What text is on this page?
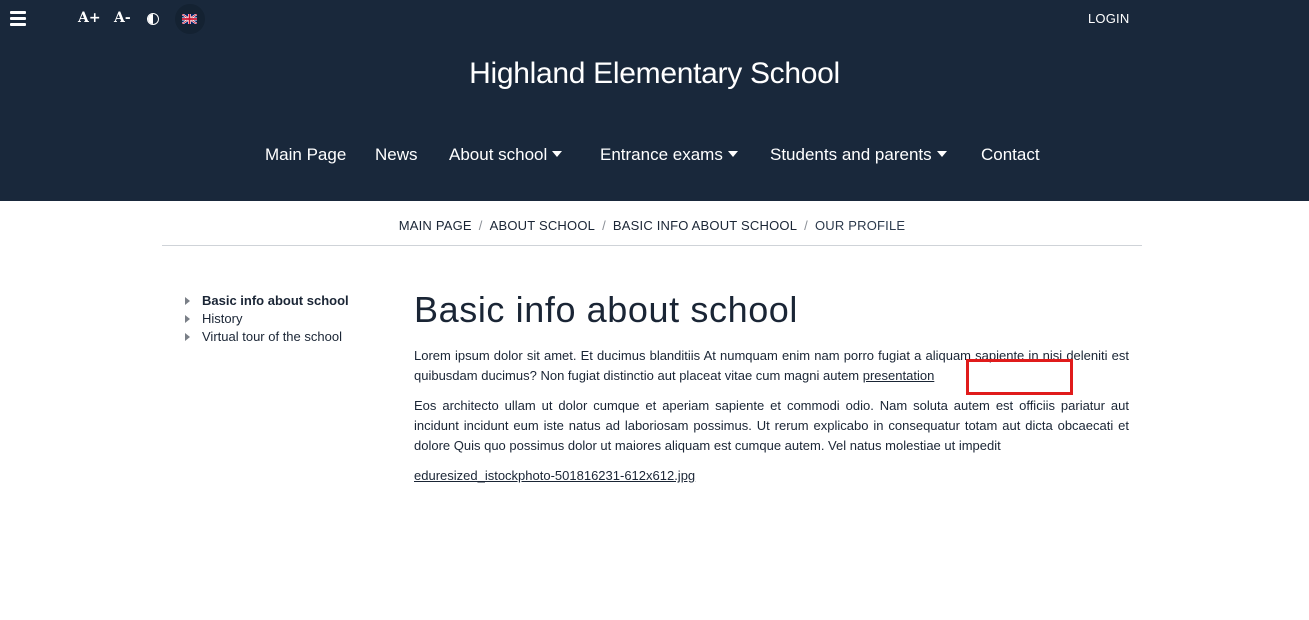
A+ A-	LOGIN
Highland Elementary School
Main Page News About school	Entrance exams	Students and parents	Contact
MAIN PAGE / ABOUT SCHOOL / BASIC INFO ABOUT SCHOOL / OUR PROFILE
Basic info about school
History
Virtual tour of the school
Basic info about school

Lorem ipsum dolor sit amet. Et ducimus blanditiis At numquam enim nam porro fugiat a aliquam sapiente in nisi deleniti est quibusdam ducimus? Non fugiat distinctio aut placeat vitae cum magni autem presentation

Eos architecto ullam ut dolor cumque et aperiam sapiente et commodi odio. Nam soluta autem est officiis pariatur aut incidunt incidunt eum iste natus ad laboriosam possimus. Ut rerum explicabo in consequatur totam aut dicta obcaecati et dolore Quis quo possimus dolor ut maiores aliquam est cumque autem. Vel natus molestiae ut impedit

eduresized_istockphoto-501816231-612x612.jpg
